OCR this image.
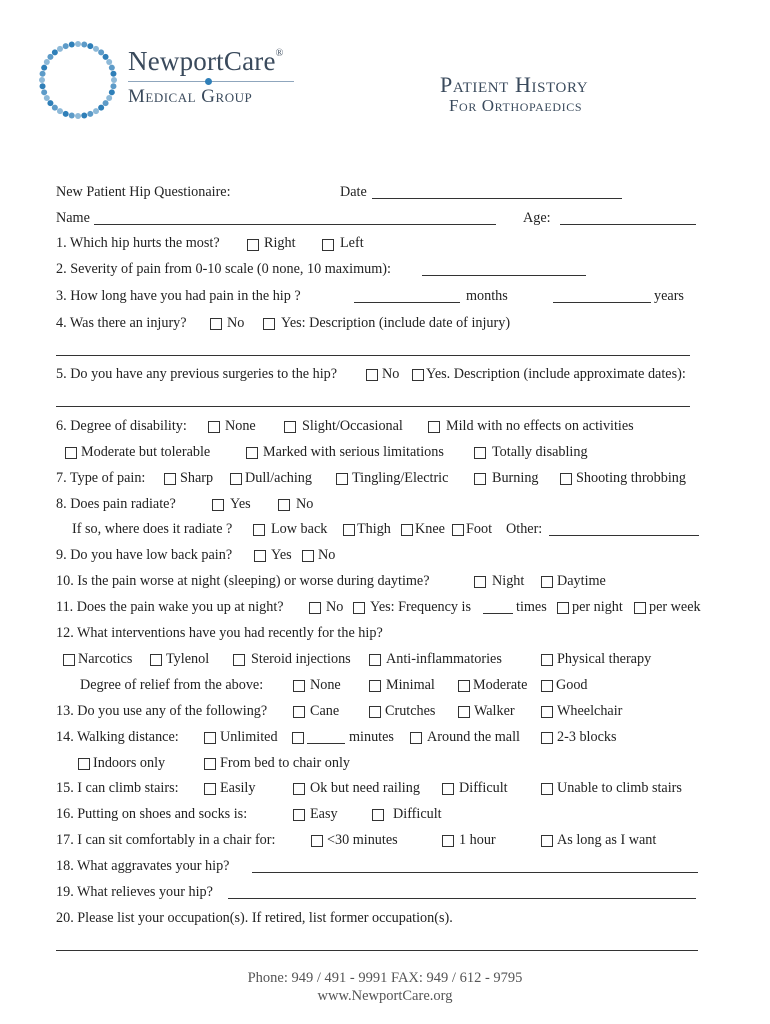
NewportCare®
Medical Group	Patient History
For Orthopaedics
New Patient Hip Questionaire:	Date
Name	Age:
1. Which hip hurts the most?	Right	Left
2. Severity of pain from 0-10 scale (0 none, 10 maximum):
3. How long have you had pain in the hip ?	months	years
4. Was there an injury?	No	Yes: Description (include date of injury)
5. Do you have any previous surgeries to the hip?	No Yes. Description (include approximate dates):
6. Degree of disability:	None	Slight/Occasional	Mild with no effects on activities
Moderate but tolerable	Marked with serious limitations	Totally disabling
7. Type of pain: Sharp Dull/aching	Tingling/Electric	Burning	Shooting throbbing
8. Does pain radiate?	Yes	No
If so, where does it radiate ?	Low back Thigh Knee Foot Other:
9. Do you have low back pain?	Yes No
10. Is the pain worse at night (sleeping) or worse during daytime?	Night Daytime
11. Does the pain wake you up at night?	No Yes: Frequency is	times per night per week
12. What interventions have you had recently for the hip?
Narcotics Tylenol	Steroid injections Anti-inflammatories	Physical therapy
Degree of relief from the above:	None	Minimal	Moderate Good
13. Do you use any of the following?	Cane	Crutches	Walker	Wheelchair
14. Walking distance:	Unlimited	minutes Around the mall	2-3 blocks
Indoors only	From bed to chair only
15. I can climb stairs:	Easily	Ok but need railing	Difficult	Unable to climb stairs
16. Putting on shoes and socks is:	Easy	Difficult
17. I can sit comfortably in a chair for:	<30 minutes	1 hour	As long as I want
18. What aggravates your hip?
19. What relieves your hip?
20. Please list your occupation(s). If retired, list former occupation(s).
Phone: 949 / 491 - 9991 FAX: 949 / 612 - 9795
www.NewportCare.org
